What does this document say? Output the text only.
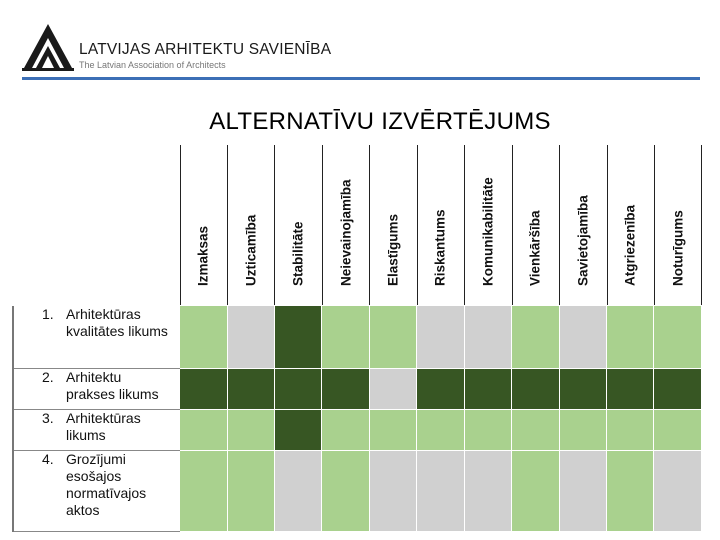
LATVIJAS ARHITEKTU SAVIENĪBA
The Latvian Association of Architects
ALTERNATĪVU IZVĒRTĒJUMS

	Izmaksas	Uzticamība	Stabilitāte	Neievainojamība	Elastīgums	Riskantums	Komunikabilitāte	Vienkāršība	Savietojamība	Atgriezenība	Noturīgums

1. Arhitektūras kvalitātes likums											
2. Arhitektu prakses likums											
3. Arhitektūras likums											
4. Grozījumi esošajos normatīvajos aktos											
